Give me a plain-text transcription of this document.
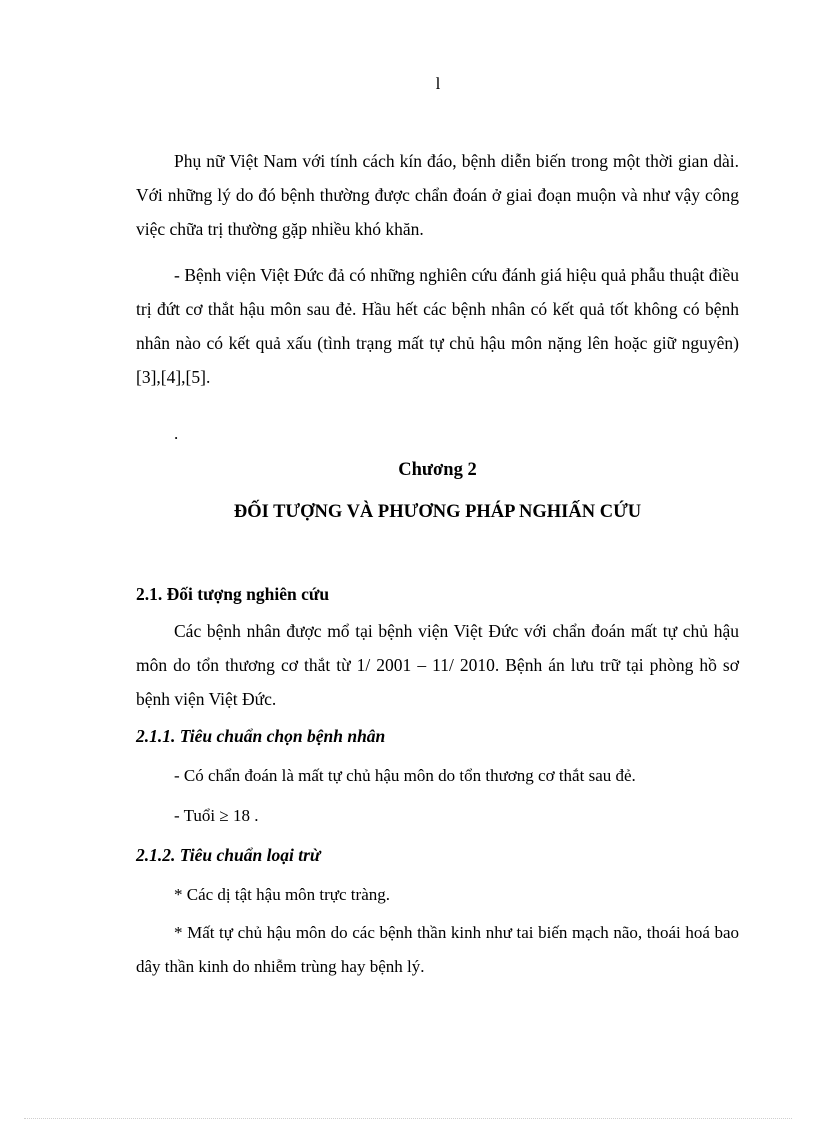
l

Phụ nữ Việt Nam với tính cách kín đáo, bệnh diễn biến trong một thời gian dài. Với những lý do đó bệnh thường được chẩn đoán ở giai đoạn muộn và như vậy công việc chữa trị thường gặp nhiều khó khăn.

- Bệnh viện Việt Đức đả có những nghiên cứu đánh giá hiệu quả phẫu thuật điều trị đứt cơ thắt hậu môn sau đẻ. Hầu hết các bệnh nhân có kết quả tốt không có bệnh nhân nào có kết quả xấu (tình trạng mất tự chủ hậu môn nặng lên hoặc giữ nguyên) [3],[4],[5].

.
Chương 2
ĐỐI TƯỢNG VÀ PHƯƠNG PHÁP NGHIẤN CỨU
2.1. Đối tượng nghiên cứu

Các bệnh nhân được mổ tại bệnh viện Việt Đức với chẩn đoán mất tự chủ hậu môn do tổn thương cơ thắt từ 1/ 2001 – 11/ 2010. Bệnh án lưu trữ tại phòng hồ sơ bệnh viện Việt Đức.

2.1.1. Tiêu chuẩn chọn bệnh nhân
- Có chẩn đoán là mất tự chủ hậu môn do tổn thương cơ thắt sau đẻ.
- Tuổi ≥ 18 .
2.1.2. Tiêu chuẩn loại trừ
* Các dị tật hậu môn trực tràng.

* Mất tự chủ hậu môn do các bệnh thần kinh như tai biến mạch não, thoái hoá bao dây thần kinh do nhiễm trùng hay bệnh lý.
